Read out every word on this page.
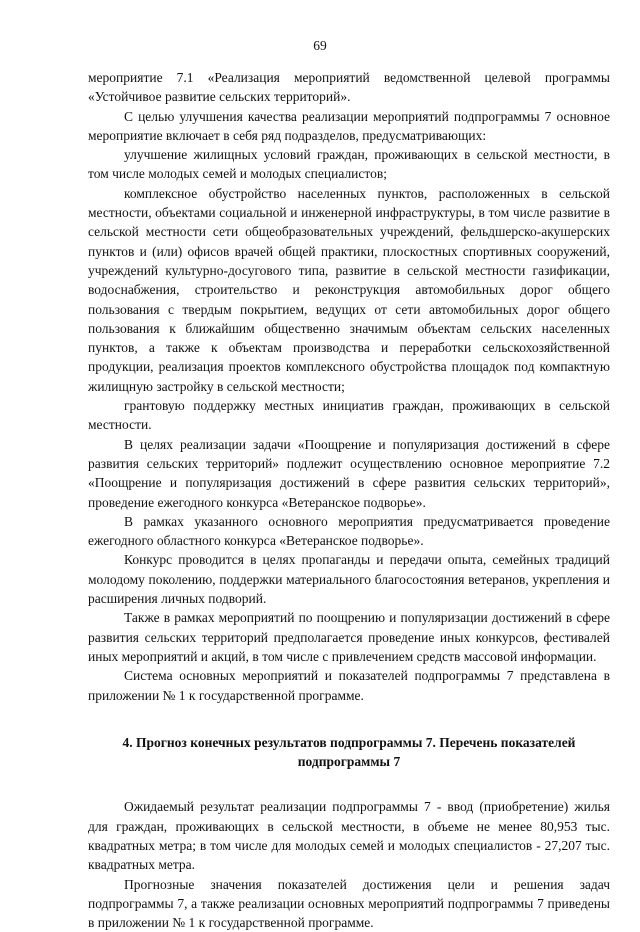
69

мероприятие 7.1 «Реализация мероприятий ведомственной целевой программы «Устойчивое развитие сельских территорий».

С целью улучшения качества реализации мероприятий подпрограммы 7 основное мероприятие включает в себя ряд подразделов, предусматривающих:

улучшение жилищных условий граждан, проживающих в сельской местности, в том числе молодых семей и молодых специалистов;

комплексное обустройство населенных пунктов, расположенных в сельской местности, объектами социальной и инженерной инфраструктуры, в том числе развитие в сельской местности сети общеобразовательных учреждений, фельдшерско-акушерских пунктов и (или) офисов врачей общей практики, плоскостных спортивных сооружений, учреждений культурно-досугового типа, развитие в сельской местности газификации, водоснабжения, строительство и реконструкция автомобильных дорог общего пользования с твердым покрытием, ведущих от сети автомобильных дорог общего пользования к ближайшим общественно значимым объектам сельских населенных пунктов, а также к объектам производства и переработки сельскохозяйственной продукции, реализация проектов комплексного обустройства площадок под компактную жилищную застройку в сельской местности;

грантовую поддержку местных инициатив граждан, проживающих в сельской местности.

В целях реализации задачи «Поощрение и популяризация достижений в сфере развития сельских территорий» подлежит осуществлению основное мероприятие 7.2 «Поощрение и популяризация достижений в сфере развития сельских территорий», проведение ежегодного конкурса «Ветеранское подворье».

В рамках указанного основного мероприятия предусматривается проведение ежегодного областного конкурса «Ветеранское подворье».

Конкурс проводится в целях пропаганды и передачи опыта, семейных традиций молодому поколению, поддержки материального благосостояния ветеранов, укрепления и расширения личных подворий.

Также в рамках мероприятий по поощрению и популяризации достижений в сфере развития сельских территорий предполагается проведение иных конкурсов, фестивалей иных мероприятий и акций, в том числе с привлечением средств массовой информации.

Система основных мероприятий и показателей подпрограммы 7 представлена в приложении № 1 к государственной программе.

4. Прогноз конечных результатов подпрограммы 7. Перечень показателей
подпрограммы 7

Ожидаемый результат реализации подпрограммы 7 - ввод (приобретение) жилья для граждан, проживающих в сельской местности, в объеме не менее 80,953 тыс. квадратных метра; в том числе для молодых семей и молодых специалистов - 27,207 тыс. квадратных метра.

Прогнозные значения показателей достижения цели и решения задач подпрограммы 7, а также реализации основных мероприятий подпрограммы 7 приведены в приложении № 1 к государственной программе.
